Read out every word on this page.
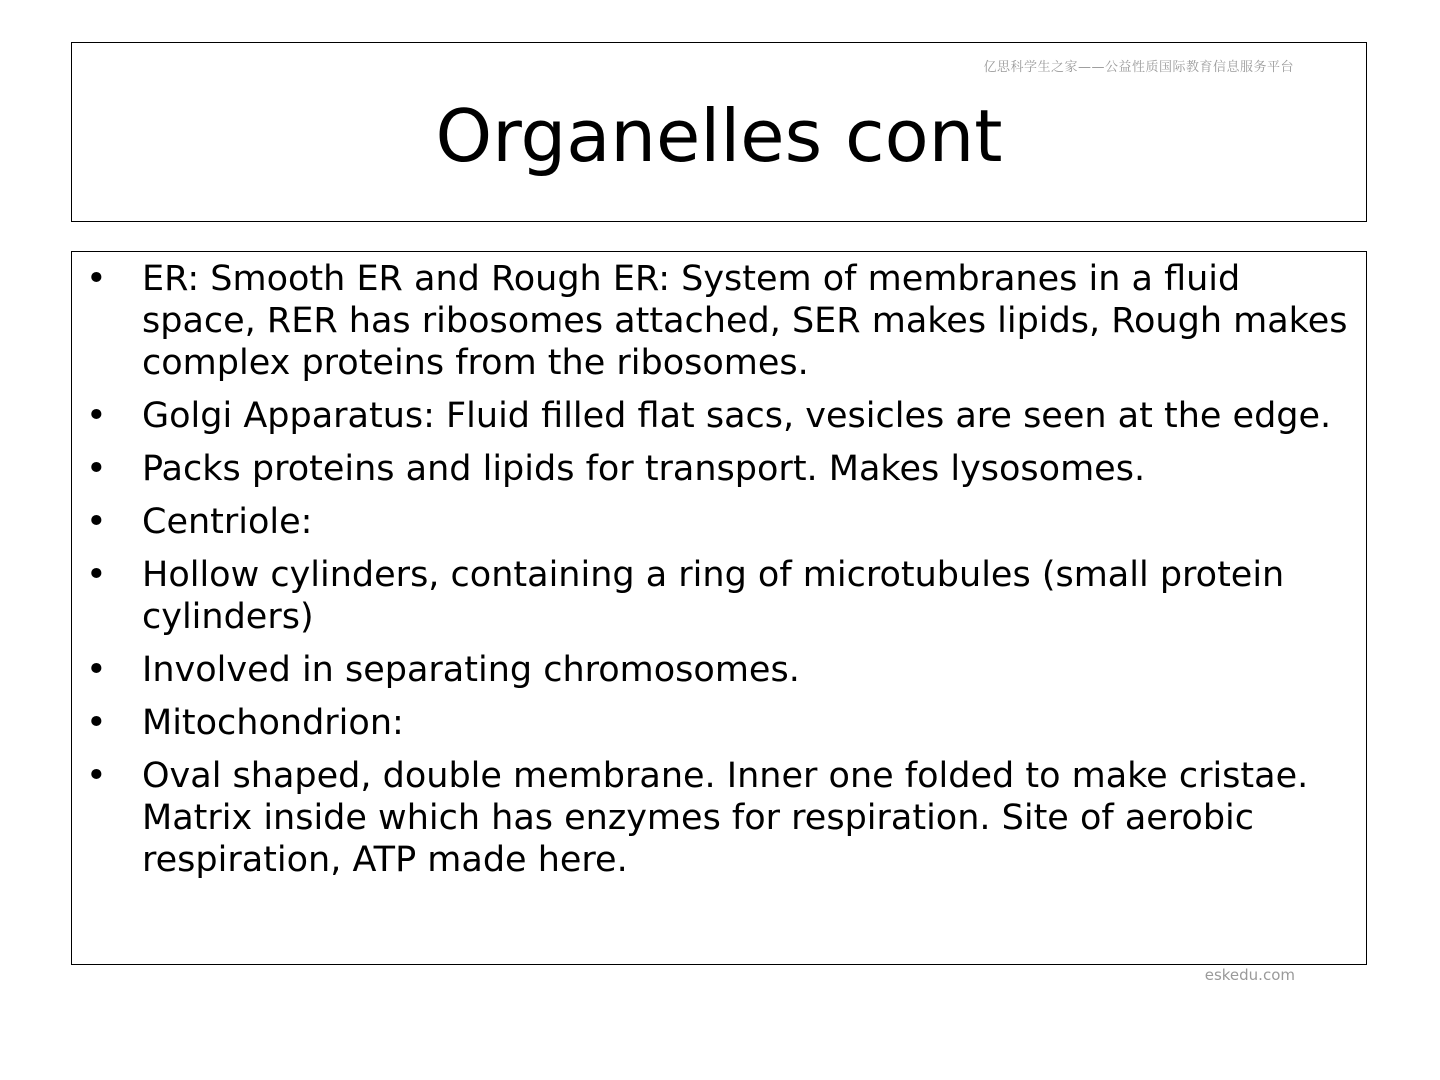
亿思科学生之家——公益性质国际教育信息服务平台
Organelles cont
• ER: Smooth ER and Rough ER: System of membranes in a fluid space, RER has ribosomes attached, SER makes lipids, Rough makes complex proteins from the ribosomes.
• Golgi Apparatus: Fluid filled flat sacs, vesicles are seen at the edge.
• Packs proteins and lipids for transport. Makes lysosomes.
• Centriole:
• Hollow cylinders, containing a ring of microtubules (small protein cylinders)
• Involved in separating chromosomes.
• Mitochondrion:
• Oval shaped, double membrane. Inner one folded to make cristae. Matrix inside which has enzymes for respiration. Site of aerobic respiration, ATP made here.
eskedu.com
